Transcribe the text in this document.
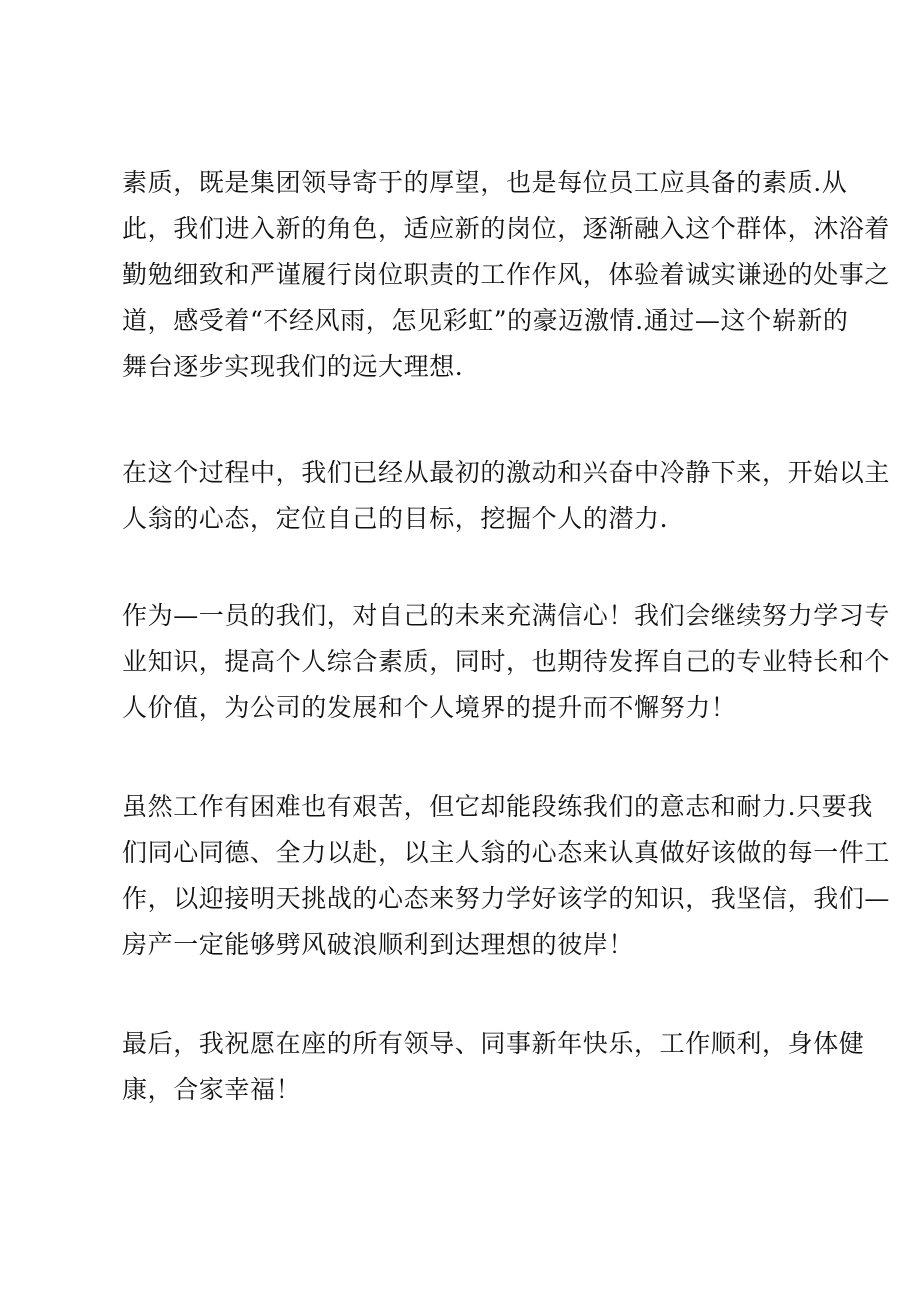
素质，既是集团领导寄于的厚望，也是每位员工应具备的素质.从
此，我们进入新的角色，适应新的岗位，逐渐融入这个群体，沐浴着
勤勉细致和严谨履行岗位职责的工作作风，体验着诚实谦逊的处事之
道，感受着“不经风雨，怎见彩虹”的豪迈激情.通过—这个崭新的
舞台逐步实现我们的远大理想.

在这个过程中，我们已经从最初的激动和兴奋中冷静下来，开始以主
人翁的心态，定位自己的目标，挖掘个人的潜力.

作为—一员的我们，对自己的未来充满信心！我们会继续努力学习专
业知识，提高个人综合素质，同时，也期待发挥自己的专业特长和个
人价值，为公司的发展和个人境界的提升而不懈努力！

虽然工作有困难也有艰苦，但它却能段练我们的意志和耐力.只要我
们同心同德、全力以赴，以主人翁的心态来认真做好该做的每一件工
作，以迎接明天挑战的心态来努力学好该学的知识，我坚信，我们—
房产一定能够劈风破浪顺利到达理想的彼岸！

最后，我祝愿在座的所有领导、同事新年快乐，工作顺利，身体健
康，合家幸福！
